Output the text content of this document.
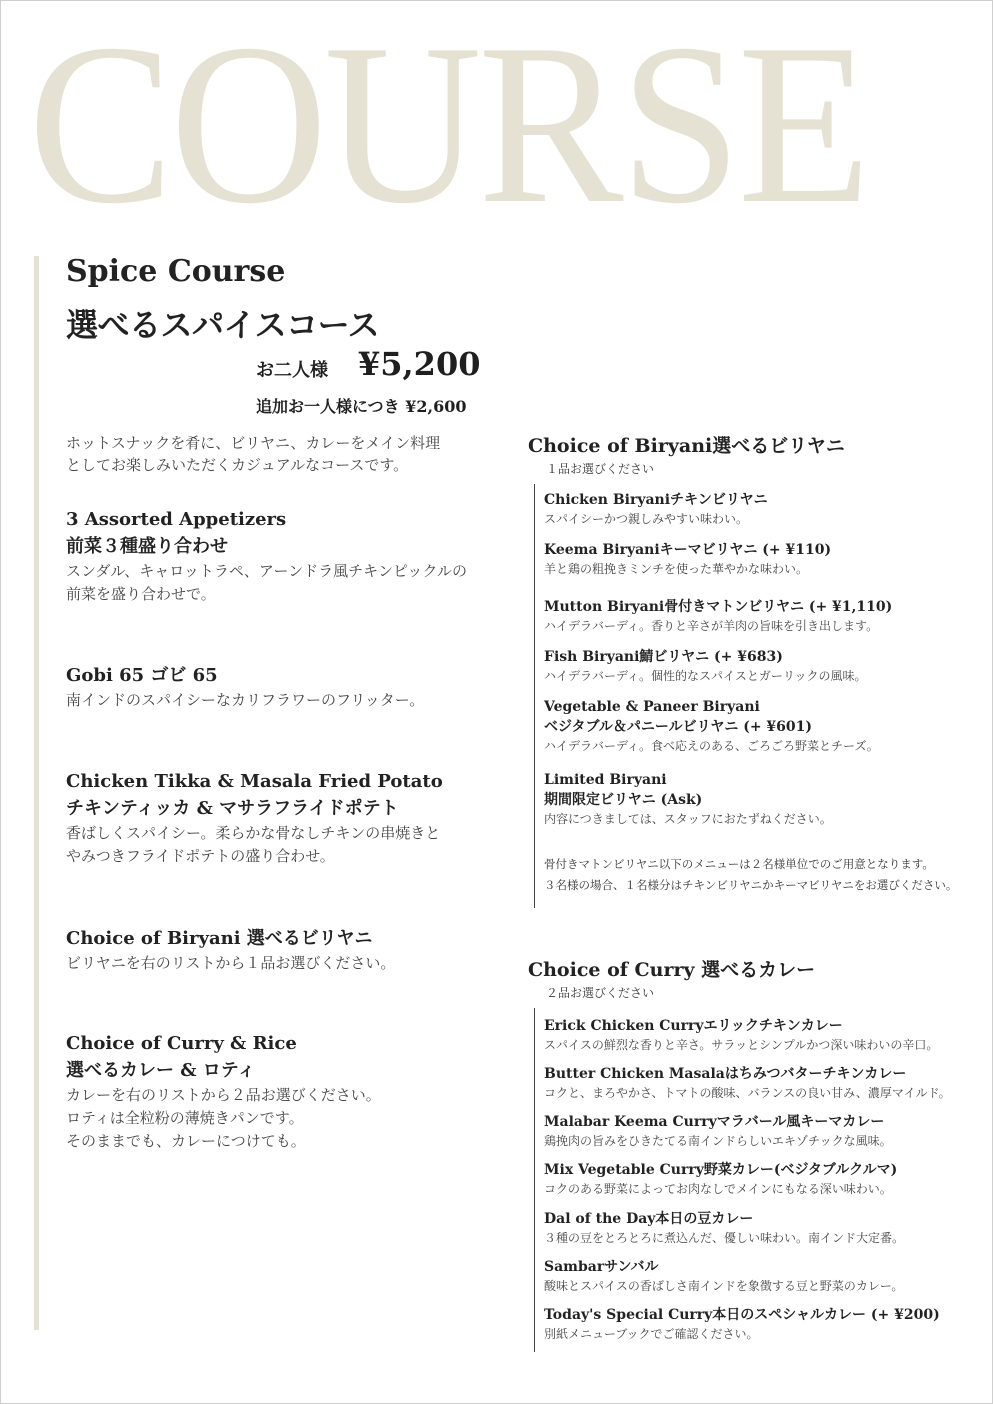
COURSE
Spice Course
選べるスパイスコース
お二人様 ¥5,200
追加お一人様につき ¥2,600
ホットスナックを肴に、ビリヤニ、カレーをメイン料理
としてお楽しみいただくカジュアルなコースです。
3 Assorted Appetizers
前菜３種盛り合わせ
スンダル、キャロットラペ、アーンドラ風チキンピックルの
前菜を盛り合わせで。
Gobi 65 ゴビ 65
南インドのスパイシーなカリフラワーのフリッター。
Chicken Tikka & Masala Fried Potato
チキンティッカ & マサラフライドポテト
香ばしくスパイシー。柔らかな骨なしチキンの串焼きと
やみつきフライドポテトの盛り合わせ。
Choice of Biryani 選べるビリヤニ
ビリヤニを右のリストから１品お選びください。
Choice of Curry & Rice
選べるカレー & ロティ
カレーを右のリストから２品お選びください。
ロティは全粒粉の薄焼きパンです。
そのままでも、カレーにつけても。
Choice of Biryani選べるビリヤニ
１品お選びください
Chicken Biryaniチキンビリヤニ
スパイシーかつ親しみやすい味わい。
Keema Biryaniキーマビリヤニ (+ ¥110)
羊と鶏の粗挽きミンチを使った華やかな味わい。
Mutton Biryani骨付きマトンビリヤニ (+ ¥1,110)
ハイデラバーディ。香りと辛さが羊肉の旨味を引き出します。
Fish Biryani鯖ビリヤニ (+ ¥683)
ハイデラバーディ。個性的なスパイスとガーリックの風味。
Vegetable & Paneer Biryani
ベジタブル＆パニールビリヤニ (+ ¥601)
ハイデラバーディ。食べ応えのある、ごろごろ野菜とチーズ。
Limited Biryani
期間限定ビリヤニ (Ask)
内容につきましては、スタッフにおたずねください。
骨付きマトンビリヤニ以下のメニューは２名様単位でのご用意となります。
３名様の場合、１名様分はチキンビリヤニかキーマビリヤニをお選びください。
Choice of Curry 選べるカレー
２品お選びください
Erick Chicken Curryエリックチキンカレー
スパイスの鮮烈な香りと辛さ。サラッとシンプルかつ深い味わいの辛口。
Butter Chicken Masalaはちみつバターチキンカレー
コクと、まろやかさ、トマトの酸味、バランスの良い甘み、濃厚マイルド。
Malabar Keema Curryマラバール風キーマカレー
鶏挽肉の旨みをひきたてる南インドらしいエキゾチックな風味。
Mix Vegetable Curry野菜カレー(ベジタブルクルマ)
コクのある野菜によってお肉なしでメインにもなる深い味わい。
Dal of the Day本日の豆カレー
３種の豆をとろとろに煮込んだ、優しい味わい。南インド大定番。
Sambarサンバル
酸味とスパイスの香ばしさ南インドを象徴する豆と野菜のカレー。
Today's Special Curry本日のスペシャルカレー (+ ¥200)
別紙メニューブックでご確認ください。
